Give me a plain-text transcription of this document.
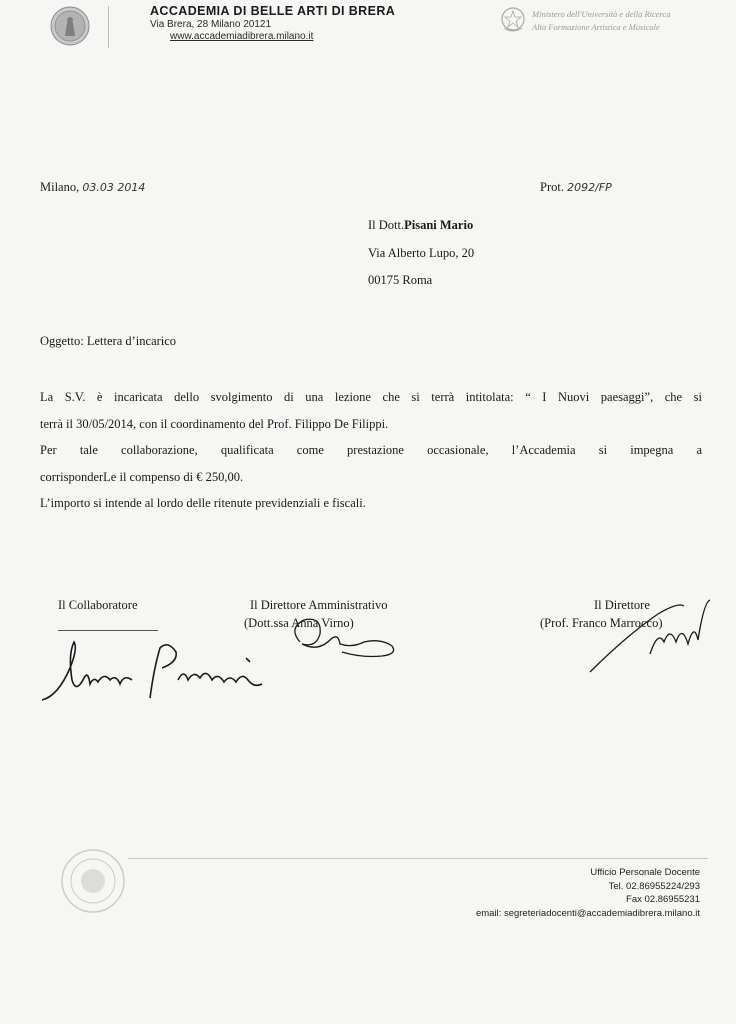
ACCADEMIA DI BELLE ARTI DI BRERA
Via Brera, 28 Milano 20121
www.accademiadibrera.milano.it
Ministero dell'Università e della Ricerca
Alta Formazione Artistica e Musicale
Milano, 03.03 2014	Prot. 2092/FP
Il Dott.Pisani Mario
Via Alberto Lupo, 20
00175 Roma
Oggetto: Lettera d’incarico

La S.V. è incaricata dello svolgimento di una lezione che si terrà intitolata: “ I Nuovi paesaggi”, che si

terrà il 30/05/2014, con il coordinamento del Prof. Filippo De Filippi.

Per tale collaborazione, qualificata come prestazione occasionale, l’Accademia si impegna a

corrisponderLe il compenso di € 250,00.

L’importo si intende al lordo delle ritenute previdenziali e fiscali.

Il Collaboratore	Il Direttore Amministrativo
(Dott.ssa Anna Virno)
Il Direttore
(Prof. Franco Marrocco)
Ufficio Personale Docente
Tel. 02.86955224/293
Fax 02.86955231
email: segreteriadocenti@accademiadibrera.milano.it
